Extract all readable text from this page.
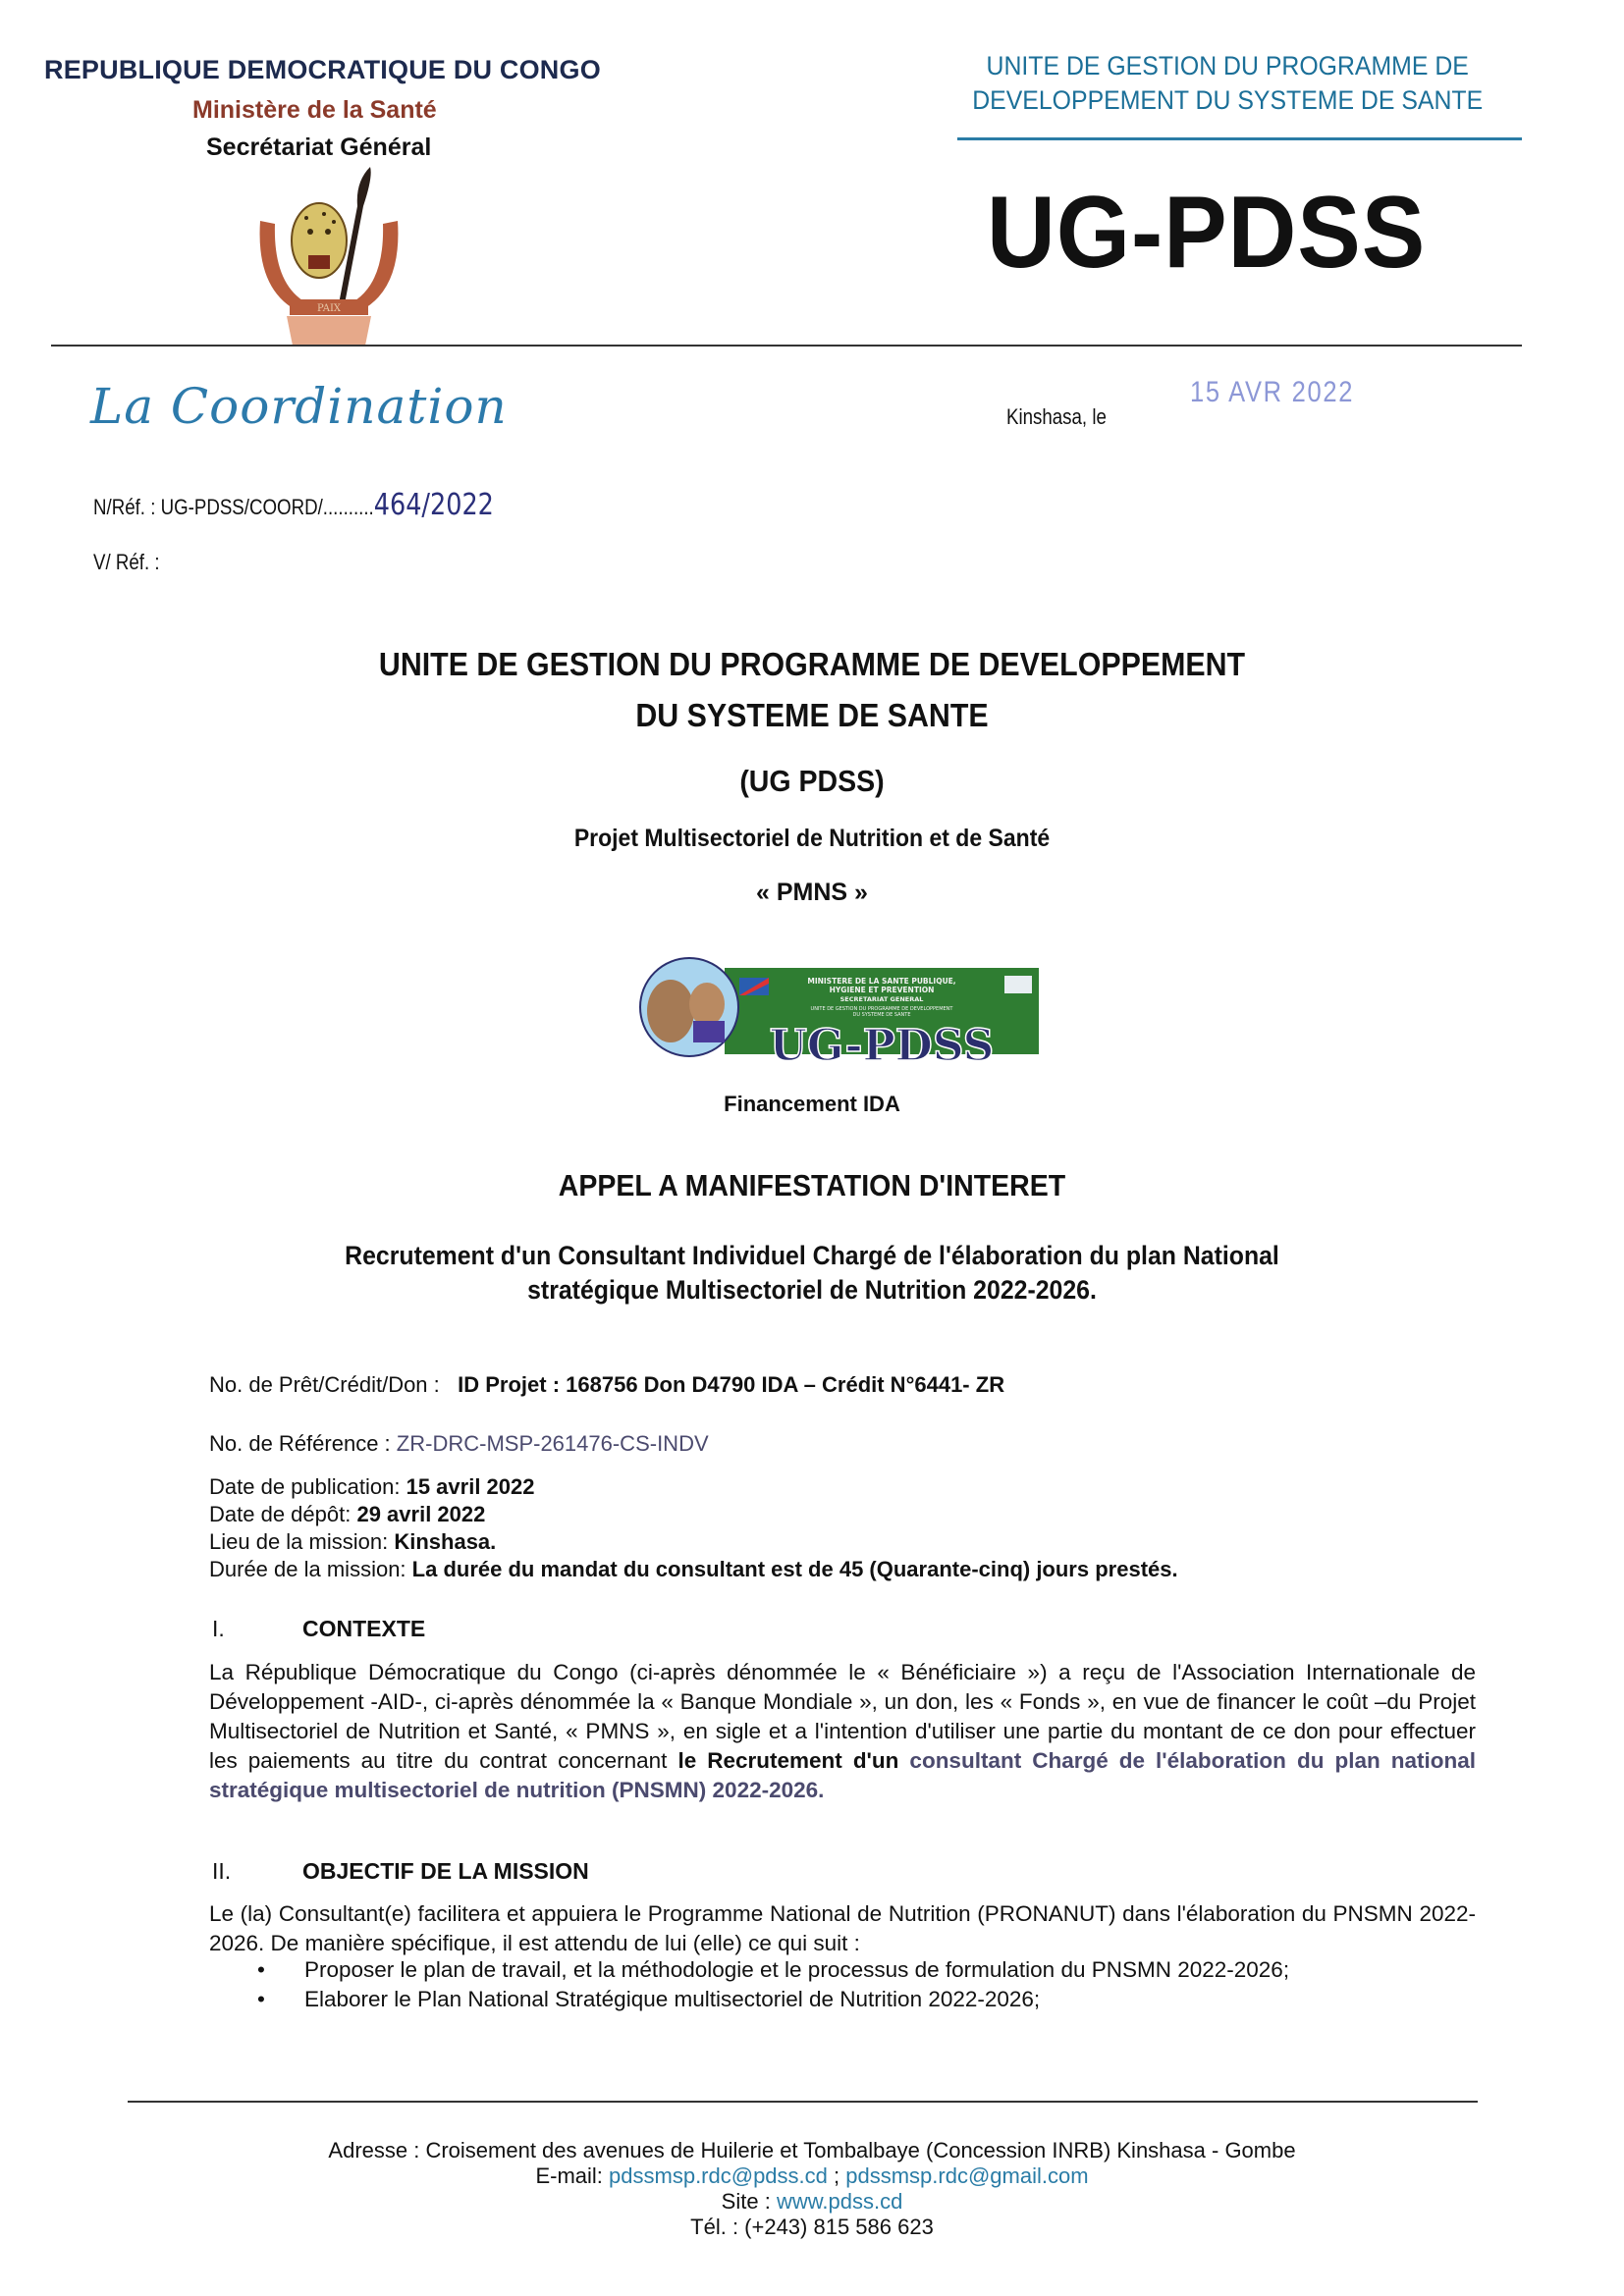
REPUBLIQUE DEMOCRATIQUE DU CONGO
Ministère de la Santé
Secrétariat Général
PAIX
UNITE DE GESTION DU PROGRAMME DE
DEVELOPPEMENT DU SYSTEME DE SANTE
UG-PDSS
La Coordination	Kinshasa, le
15 AVR 2022
N/Réf. : UG-PDSS/COORD/..........464/2022
V/ Réf. :
UNITE DE GESTION DU PROGRAMME DE DEVELOPPEMENT
DU SYSTEME DE SANTE
(UG PDSS)
Projet Multisectoriel de Nutrition et de Santé
« PMNS »
MINISTERE DE LA SANTE PUBLIQUE,
HYGIENE ET PREVENTION
SECRETARIAT GENERAL
UNITE DE GESTION DU PROGRAMME DE DEVELOPPEMENT
DU SYSTEME DE SANTE
UG-PDSS
Financement IDA
APPEL A MANIFESTATION D'INTERET
Recrutement d'un Consultant Individuel Chargé de l'élaboration du plan National
stratégique Multisectoriel de Nutrition 2022-2026.
No. de Prêt/Crédit/Don : ID Projet : 168756 Don D4790 IDA – Crédit N°6441- ZR
No. de Référence : ZR-DRC-MSP-261476-CS-INDV
Date de publication: 15 avril 2022
Date de dépôt: 29 avril 2022
Lieu de la mission: Kinshasa.
Durée de la mission: La durée du mandat du consultant est de 45 (Quarante-cinq) jours prestés.
I.	CONTEXTE
La République Démocratique du Congo (ci-après dénommée le « Bénéficiaire ») a reçu de l'Association Internationale de Développement -AID-, ci-après dénommée la « Banque Mondiale », un don, les « Fonds », en vue de financer le coût –du Projet Multisectoriel de Nutrition et Santé, « PMNS », en sigle et a l'intention d'utiliser une partie du montant de ce don pour effectuer les paiements au titre du contrat concernant le Recrutement d'un consultant Chargé de l'élaboration du plan national stratégique multisectoriel de nutrition (PNSMN) 2022-2026.
II.	OBJECTIF DE LA MISSION
Le (la) Consultant(e) facilitera et appuiera le Programme National de Nutrition (PRONANUT) dans l'élaboration du PNSMN 2022-2026. De manière spécifique, il est attendu de lui (elle) ce qui suit :
• Proposer le plan de travail, et la méthodologie et le processus de formulation du PNSMN 2022-2026;
• Elaborer le Plan National Stratégique multisectoriel de Nutrition 2022-2026;
Adresse : Croisement des avenues de Huilerie et Tombalbaye (Concession INRB) Kinshasa - Gombe
E-mail: pdssmsp.rdc@pdss.cd ; pdssmsp.rdc@gmail.com
Site : www.pdss.cd
Tél. : (+243) 815 586 623
